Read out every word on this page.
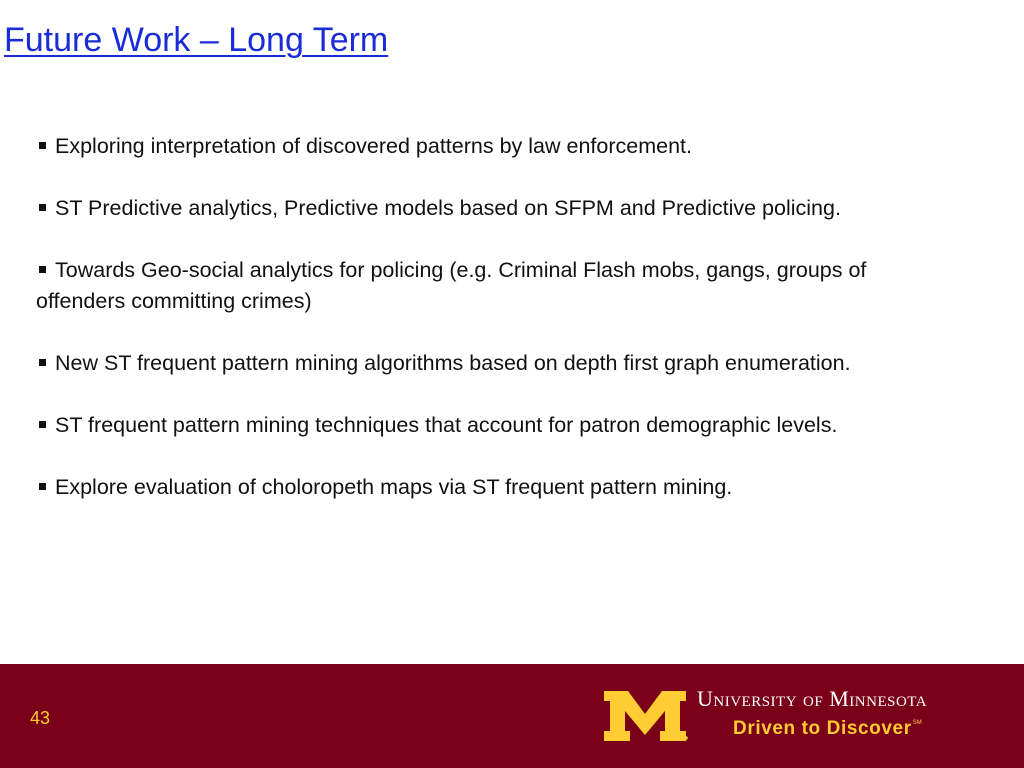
Future Work – Long Term
Exploring interpretation of discovered patterns by law enforcement.
ST Predictive analytics, Predictive models based on SFPM and Predictive policing.
Towards Geo-social analytics for policing (e.g. Criminal Flash mobs, gangs, groups of offenders committing crimes)
New ST frequent pattern mining algorithms based on depth first graph enumeration.
ST frequent pattern mining techniques that account for patron demographic levels.
Explore evaluation of choloropeth maps via ST frequent pattern mining.
43
University of Minnesota
Driven to Discover SM
